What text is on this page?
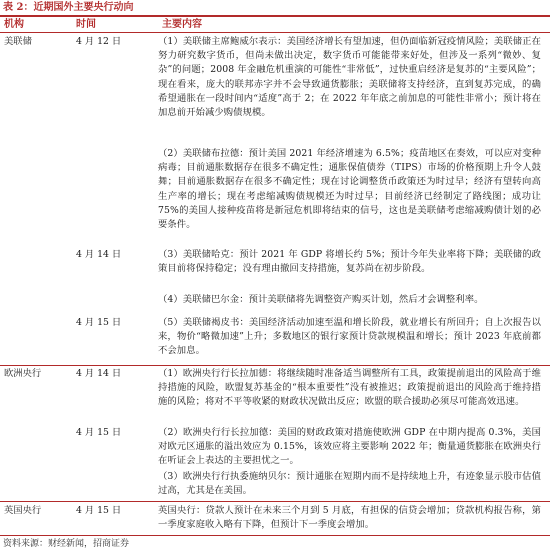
表 2：近期国外主要央行动向
机构	时间	主要内容
美联储	4 月 12 日	（1）美联储主席鲍威尔表示：美国经济增长有望加速，但仍面临新冠疫情风险；美联储正在努力研究数字货币，但尚未做出决定，数字货币可能能带来好处，但涉及一系列“微妙、复杂”的问题；2008 年金融危机重演的可能性“非常低”，过快重启经济是复苏的“主要风险”；现在看来，庞大的联邦赤字并不会导致通货膨胀；美联储将支持经济，直到复苏完成，的确希望通胀在一段时间内“适度”高于 2；在 2022 年年底之前加息的可能性非常小；预计将在加息前开始减少购债规模。
（2）美联储布拉德：预计美国 2021 年经济增速为 6.5%；疫苗地区在奏效，可以应对变种病毒；目前通胀数据存在很多不确定性；通胀保值债券（TIPS）市场的价格预期上升令人鼓舞；目前通胀数据存在很多不确定性；现在讨论调整货币政策还为时过早；经济有望转向高生产率的增长；现在考虑缩减购债规模还为时过早；目前经济已经制定了路线图；成功让 75%的美国人接种疫苗将是新冠危机即将结束的信号，这也是美联储考虑缩减购债计划的必要条件。
4 月 14 日	（3）美联储哈克：预计 2021 年 GDP 将增长约 5%；预计今年失业率将下降；美联储的政策目前将保持稳定；没有理由撤回支持措施，复苏尚在初步阶段。
（4）美联储巴尔金：预计美联储将先调整资产购买计划，然后才会调整利率。
4 月 15 日	（5）美联储褐皮书：美国经济活动加速至温和增长阶段，就业增长有所回升；自上次报告以来，物价“略微加速”上升；多数地区的银行家预计贷款规模温和增长；预计 2023 年底前都不会加息。
欧洲央行	4 月 14 日	（1）欧洲央行行长拉加德：将继续随时准备适当调整所有工具，政策提前退出的风险高于维持措施的风险，欧盟复苏基金的“根本重要性”没有被推迟；政策提前退出的风险高于维持措施的风险；将对不平等收紧的财政状况做出反应；欧盟的联合援助必须尽可能高效迅速。
4 月 15 日	（2）欧洲央行行长拉加德：美国的财政政策对措施使欧洲 GDP 在中期内提高 0.3%，美国对欧元区通胀的溢出效应为 0.15%，该效应将主要影响 2022 年；衡量通货膨胀在欧洲央行在听证会上表达的主要担忧之一。
（3）欧洲央行行执委施纳贝尔：预计通胀在短期内而不是持续地上升，有迹象显示股市估值过高，尤其是在美国。
英国央行	4 月 15 日	英国央行：贷款人预计在未来三个月到 5 月底，有担保的信贷会增加；贷款机构报告称，第一季度家庭收入略有下降，但预计下一季度会增加。
资料来源：财经新闻，招商证券
